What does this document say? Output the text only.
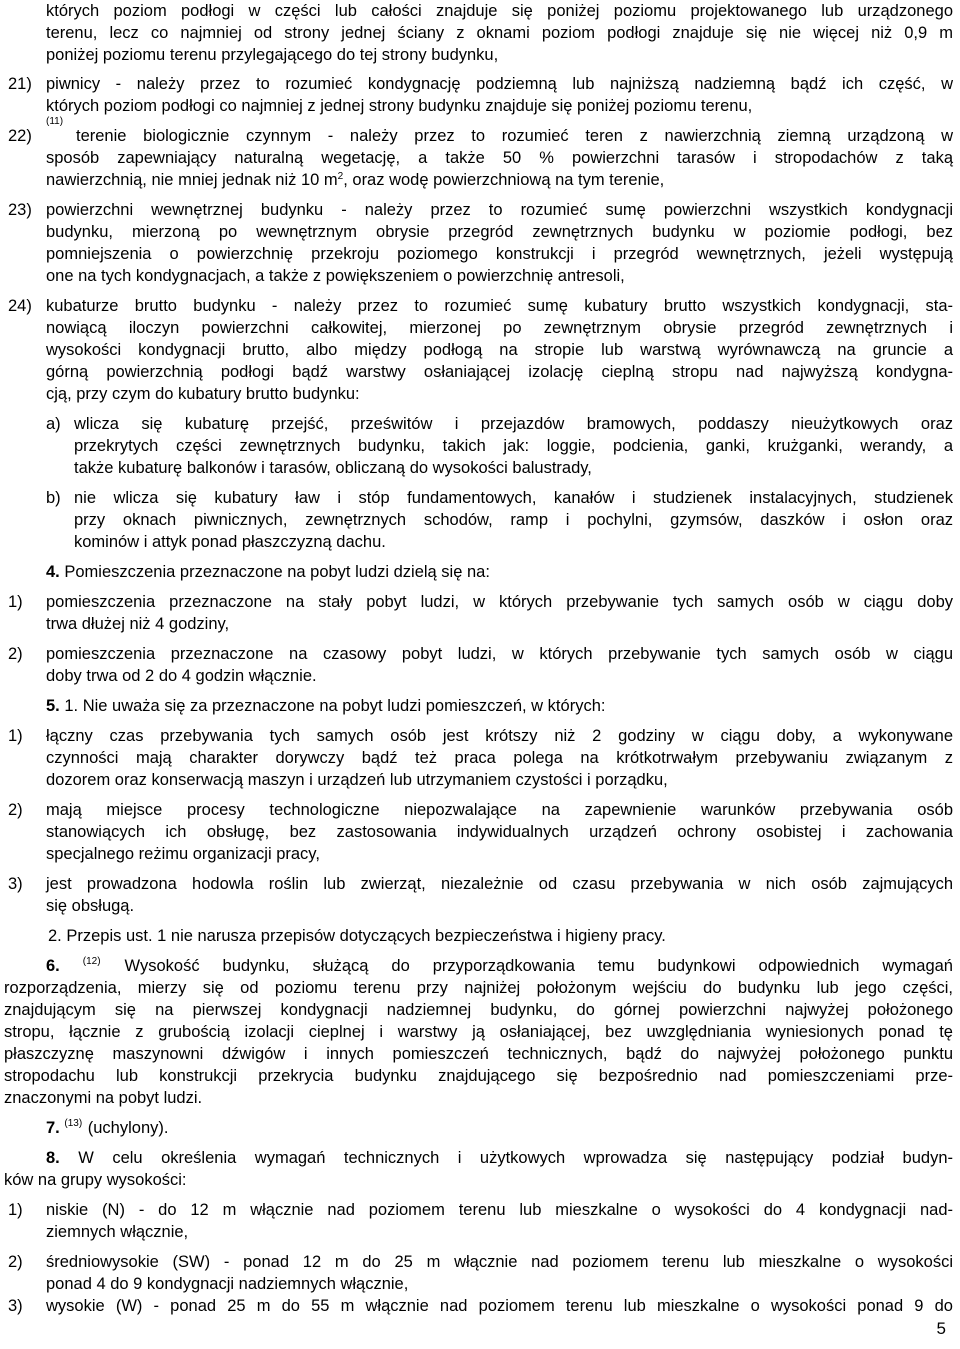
których poziom podłogi w części lub całości znajduje się poniżej poziomu projektowanego lub urządzonego
terenu, lecz co najmniej od strony jednej ściany z oknami poziom podłogi znajduje się nie więcej niż 0,9 m
poniżej poziomu terenu przylegającego do tej strony budynku,
21) piwnicy - należy przez to rozumieć kondygnację podziemną lub najniższą nadziemną bądź ich część, w
których poziom podłogi co najmniej z jednej strony budynku znajduje się poniżej poziomu terenu,
22)
(11)
terenie biologicznie czynnym - należy przez to rozumieć teren z nawierzchnią ziemną urządzoną w
sposób zapewniający naturalną wegetację, a także 50 % powierzchni tarasów i stropodachów z taką
nawierzchnią, nie mniej jednak niż 10 $m^2$, oraz wodę powierzchniową na tym terenie,
23) powierzchni wewnętrznej budynku - należy przez to rozumieć sumę powierzchni wszystkich kondygnacji
budynku, mierzoną po wewnętrznym obrysie przegród zewnętrznych budynku w poziomie podłogi, bez
pomniejszenia o powierzchnię przekroju poziomego konstrukcji i przegród wewnętrznych, jeżeli występują
one na tych kondygnacjach, a także z powiększeniem o powierzchnię antresoli,
24) kubaturze brutto budynku - należy przez to rozumieć sumę kubatury brutto wszystkich kondygnacji, sta-
nowiącą iloczyn powierzchni całkowitej, mierzonej po zewnętrznym obrysie przegród zewnętrznych i
wysokości kondygnacji brutto, albo między podłogą na stropie lub warstwą wyrównawczą na gruncie a
górną powierzchnią podłogi bądź warstwy osłaniającej izolację cieplną stropu nad najwyższą kondygna-
cją, przy czym do kubatury brutto budynku:
a) wlicza się kubaturę przejść, prześwitów i przejazdów bramowych, poddaszy nieużytkowych oraz
przekrytych części zewnętrznych budynku, takich jak: loggie, podcienia, ganki, krużganki, werandy, a
także kubaturę balkonów i tarasów, obliczaną do wysokości balustrady,
b) nie wlicza się kubatury ław i stóp fundamentowych, kanałów i studzienek instalacyjnych, studzienek
przy oknach piwnicznych, zewnętrznych schodów, ramp i pochylni, gzymsów, daszków i osłon oraz
kominów i attyk ponad płaszczyzną dachu.
4. Pomieszczenia przeznaczone na pobyt ludzi dzielą się na:
1) pomieszczenia przeznaczone na stały pobyt ludzi, w których przebywanie tych samych osób w ciągu doby
trwa dłużej niż 4 godziny,
2) pomieszczenia przeznaczone na czasowy pobyt ludzi, w których przebywanie tych samych osób w ciągu
doby trwa od 2 do 4 godzin włącznie.
5. 1. Nie uważa się za przeznaczone na pobyt ludzi pomieszczeń, w których:
1) łączny czas przebywania tych samych osób jest krótszy niż 2 godziny w ciągu doby, a wykonywane
czynności mają charakter dorywczy bądź też praca polega na krótkotrwałym przebywaniu związanym z
dozorem oraz konserwacją maszyn i urządzeń lub utrzymaniem czystości i porządku,
2) mają miejsce procesy technologiczne niepozwalające na zapewnienie warunków przebywania osób
stanowiących ich obsługę, bez zastosowania indywidualnych urządzeń ochrony osobistej i zachowania
specjalnego reżimu organizacji pracy,
3) jest prowadzona hodowla roślin lub zwierząt, niezależnie od czasu przebywania w nich osób zajmujących
się obsługą.
2. Przepis ust. 1 nie narusza przepisów dotyczących bezpieczeństwa i higieny pracy.
6. $^{(12)}$ Wysokość budynku, służącą do przyporządkowania temu budynkowi odpowiednich wymagań
rozporządzenia, mierzy się od poziomu terenu przy najniżej położonym wejściu do budynku lub jego części,
znajdującym się na pierwszej kondygnacji nadziemnej budynku, do górnej powierzchni najwyżej położonego
stropu, łącznie z grubością izolacji cieplnej i warstwy ją osłaniającej, bez uwzględniania wyniesionych ponad tę
płaszczyznę maszynowni dźwigów i innych pomieszczeń technicznych, bądź do najwyżej położonego punktu
stropodachu lub konstrukcji przekrycia budynku znajdującego się bezpośrednio nad pomieszczeniami prze-
znaczonymi na pobyt ludzi.
7. $^{(13)}$ (uchylony).
8. W celu określenia wymagań technicznych i użytkowych wprowadza się następujący podział budyn-
ków na grupy wysokości:
1) niskie (N) - do 12 m włącznie nad poziomem terenu lub mieszkalne o wysokości do 4 kondygnacji nad-
ziemnych włącznie,
2) średniowysokie (SW) - ponad 12 m do 25 m włącznie nad poziomem terenu lub mieszkalne o wysokości
ponad 4 do 9 kondygnacji nadziemnych włącznie,
3) wysokie (W) - ponad 25 m do 55 m włącznie nad poziomem terenu lub mieszkalne o wysokości ponad 9 do
5
